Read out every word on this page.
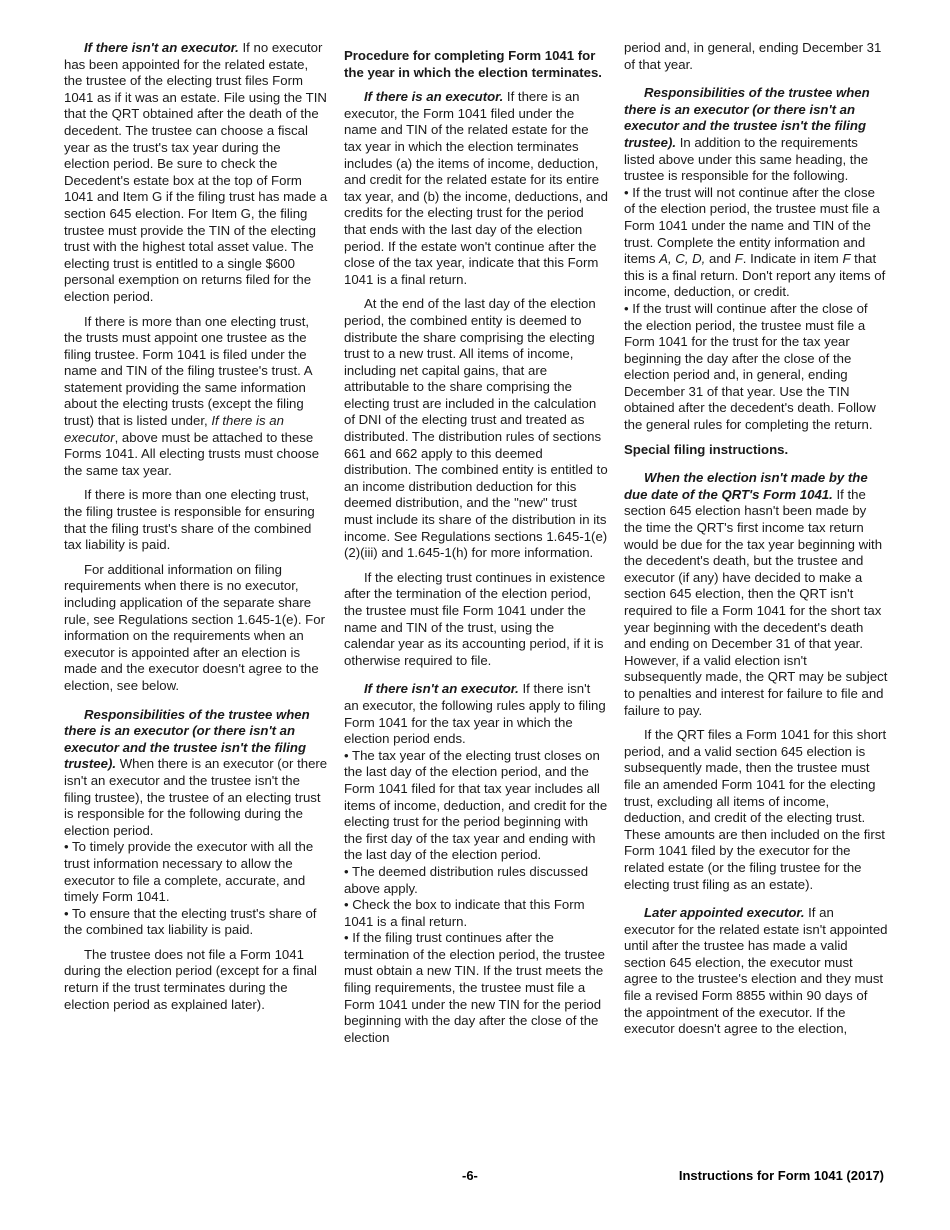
If there isn't an executor. If no executor has been appointed for the related estate, the trustee of the electing trust files Form 1041 as if it was an estate. File using the TIN that the QRT obtained after the death of the decedent. The trustee can choose a fiscal year as the trust's tax year during the election period. Be sure to check the Decedent's estate box at the top of Form 1041 and Item G if the filing trust has made a section 645 election. For Item G, the filing trustee must provide the TIN of the electing trust with the highest total asset value. The electing trust is entitled to a single $600 personal exemption on returns filed for the election period.

If there is more than one electing trust, the trusts must appoint one trustee as the filing trustee. Form 1041 is filed under the name and TIN of the filing trustee's trust. A statement providing the same information about the electing trusts (except the filing trust) that is listed under, If there is an executor, above must be attached to these Forms 1041. All electing trusts must choose the same tax year.

If there is more than one electing trust, the filing trustee is responsible for ensuring that the filing trust's share of the combined tax liability is paid.

For additional information on filing requirements when there is no executor, including application of the separate share rule, see Regulations section 1.645-1(e). For information on the requirements when an executor is appointed after an election is made and the executor doesn't agree to the election, see below.

Responsibilities of the trustee when there is an executor (or there isn't an executor and the trustee isn't the filing trustee). When there is an executor (or there isn't an executor and the trustee isn't the filing trustee), the trustee of an electing trust is responsible for the following during the election period.

• To timely provide the executor with all the trust information necessary to allow the executor to file a complete, accurate, and timely Form 1041.

• To ensure that the electing trust's share of the combined tax liability is paid.

The trustee does not file a Form 1041 during the election period (except for a final return if the trust terminates during the election period as explained later).

Procedure for completing Form 1041 for the year in which the election terminates.

If there is an executor. If there is an executor, the Form 1041 filed under the name and TIN of the related estate for the tax year in which the election terminates includes (a) the items of income, deduction, and credit for the related estate for its entire tax year, and (b) the income, deductions, and credits for the electing trust for the period that ends with the last day of the election period. If the estate won't continue after the close of the tax year, indicate that this Form 1041 is a final return.

At the end of the last day of the election period, the combined entity is deemed to distribute the share comprising the electing trust to a new trust. All items of income, including net capital gains, that are attributable to the share comprising the electing trust are included in the calculation of DNI of the electing trust and treated as distributed. The distribution rules of sections 661 and 662 apply to this deemed distribution. The combined entity is entitled to an income distribution deduction for this deemed distribution, and the "new" trust must include its share of the distribution in its income. See Regulations sections 1.645-1(e)(2)(iii) and 1.645-1(h) for more information.

If the electing trust continues in existence after the termination of the election period, the trustee must file Form 1041 under the name and TIN of the trust, using the calendar year as its accounting period, if it is otherwise required to file.

If there isn't an executor. If there isn't an executor, the following rules apply to filing Form 1041 for the tax year in which the election period ends.

• The tax year of the electing trust closes on the last day of the election period, and the Form 1041 filed for that tax year includes all items of income, deduction, and credit for the electing trust for the period beginning with the first day of the tax year and ending with the last day of the election period.

• The deemed distribution rules discussed above apply.

• Check the box to indicate that this Form 1041 is a final return.

• If the filing trust continues after the termination of the election period, the trustee must obtain a new TIN. If the trust meets the filing requirements, the trustee must file a Form 1041 under the new TIN for the period beginning with the day after the close of the election

period and, in general, ending December 31 of that year.

Responsibilities of the trustee when there is an executor (or there isn't an executor and the trustee isn't the filing trustee). In addition to the requirements listed above under this same heading, the trustee is responsible for the following.

• If the trust will not continue after the close of the election period, the trustee must file a Form 1041 under the name and TIN of the trust. Complete the entity information and items A, C, D, and F. Indicate in item F that this is a final return. Don't report any items of income, deduction, or credit.

• If the trust will continue after the close of the election period, the trustee must file a Form 1041 for the trust for the tax year beginning the day after the close of the election period and, in general, ending December 31 of that year. Use the TIN obtained after the decedent's death. Follow the general rules for completing the return.

Special filing instructions.

When the election isn't made by the due date of the QRT's Form 1041. If the section 645 election hasn't been made by the time the QRT's first income tax return would be due for the tax year beginning with the decedent's death, but the trustee and executor (if any) have decided to make a section 645 election, then the QRT isn't required to file a Form 1041 for the short tax year beginning with the decedent's death and ending on December 31 of that year. However, if a valid election isn't subsequently made, the QRT may be subject to penalties and interest for failure to file and failure to pay.

If the QRT files a Form 1041 for this short period, and a valid section 645 election is subsequently made, then the trustee must file an amended Form 1041 for the electing trust, excluding all items of income, deduction, and credit of the electing trust. These amounts are then included on the first Form 1041 filed by the executor for the related estate (or the filing trustee for the electing trust filing as an estate).

Later appointed executor. If an executor for the related estate isn't appointed until after the trustee has made a valid section 645 election, the executor must agree to the trustee's election and they must file a revised Form 8855 within 90 days of the appointment of the executor. If the executor doesn't agree to the election,

-6-	Instructions for Form 1041 (2017)
